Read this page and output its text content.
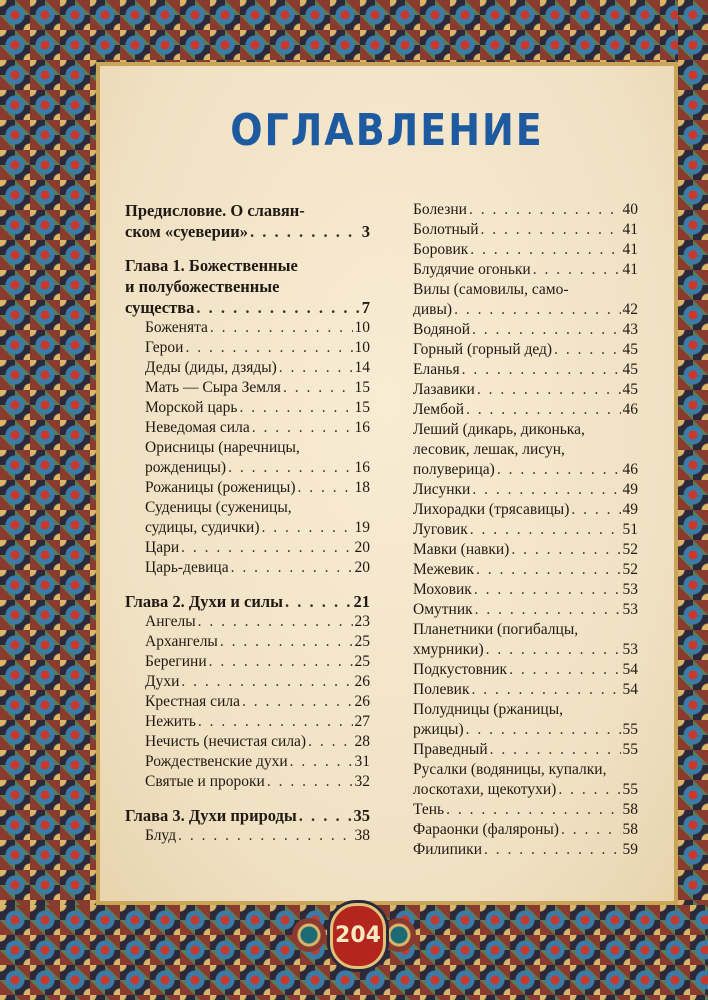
ОГЛАВЛЕНИЕ
Предисловие. О славян-
ском «суеверии» . . .	3
Глава 1. Божественные
и полубожественные
существа . . .	7
Боженята . . .	10
Герои . . .	10
Деды (диды, дзяды) . . .	14
Мать — Сыра Земля . . .	15
Морской царь . . .	15
Неведомая сила . . .	16
Орисницы (наречницы,
рожденицы) . . .	16
Рожаницы (роженицы) . . .	18
Суденицы (суженицы,
судицы, судички) . . .	19
Цари . . .	20
Царь-девица . . .	20
Глава 2. Духи и силы . . .	21
Ангелы . . .	23
Архангелы . . .	25
Берегини . . .	25
Духи . . .	26
Крестная сила . . .	26
Нежить . . .	27
Нечисть (нечистая сила) . . .	28
Рождественские духи . . .	31
Святые и пророки . . .	32
Глава 3. Духи природы . . .	35
Блуд . . .	38
Болезни . . .	40
Болотный . . .	41
Боровик . . .	41
Блудячие огоньки . . .	41
Вилы (самовилы, само-
дивы) . . .	42
Водяной . . .	43
Горный (горный дед) . . .	45
Еланья . . .	45
Лазавики . . .	45
Лембой . . .	46
Леший (дикарь, диконька,
лесовик, лешак, лисун,
полуверица) . . .	46
Лисунки . . .	49
Лихорадки (трясавицы) . . .	49
Луговик . . .	51
Мавки (навки) . . .	52
Межевик . . .	52
Моховик . . .	53
Омутник . . .	53
Планетники (погибалцы,
хмурники) . . .	53
Подкустовник . . .	54
Полевик . . .	54
Полудницы (ржаницы,
ржицы) . . .	55
Праведный . . .	55
Русалки (водяницы, купалки,
лоскотахи, щекотухи) . . .	55
Тень . . .	58
Фараонки (фаляроны) . . .	58
Филипики . . .	59
204
